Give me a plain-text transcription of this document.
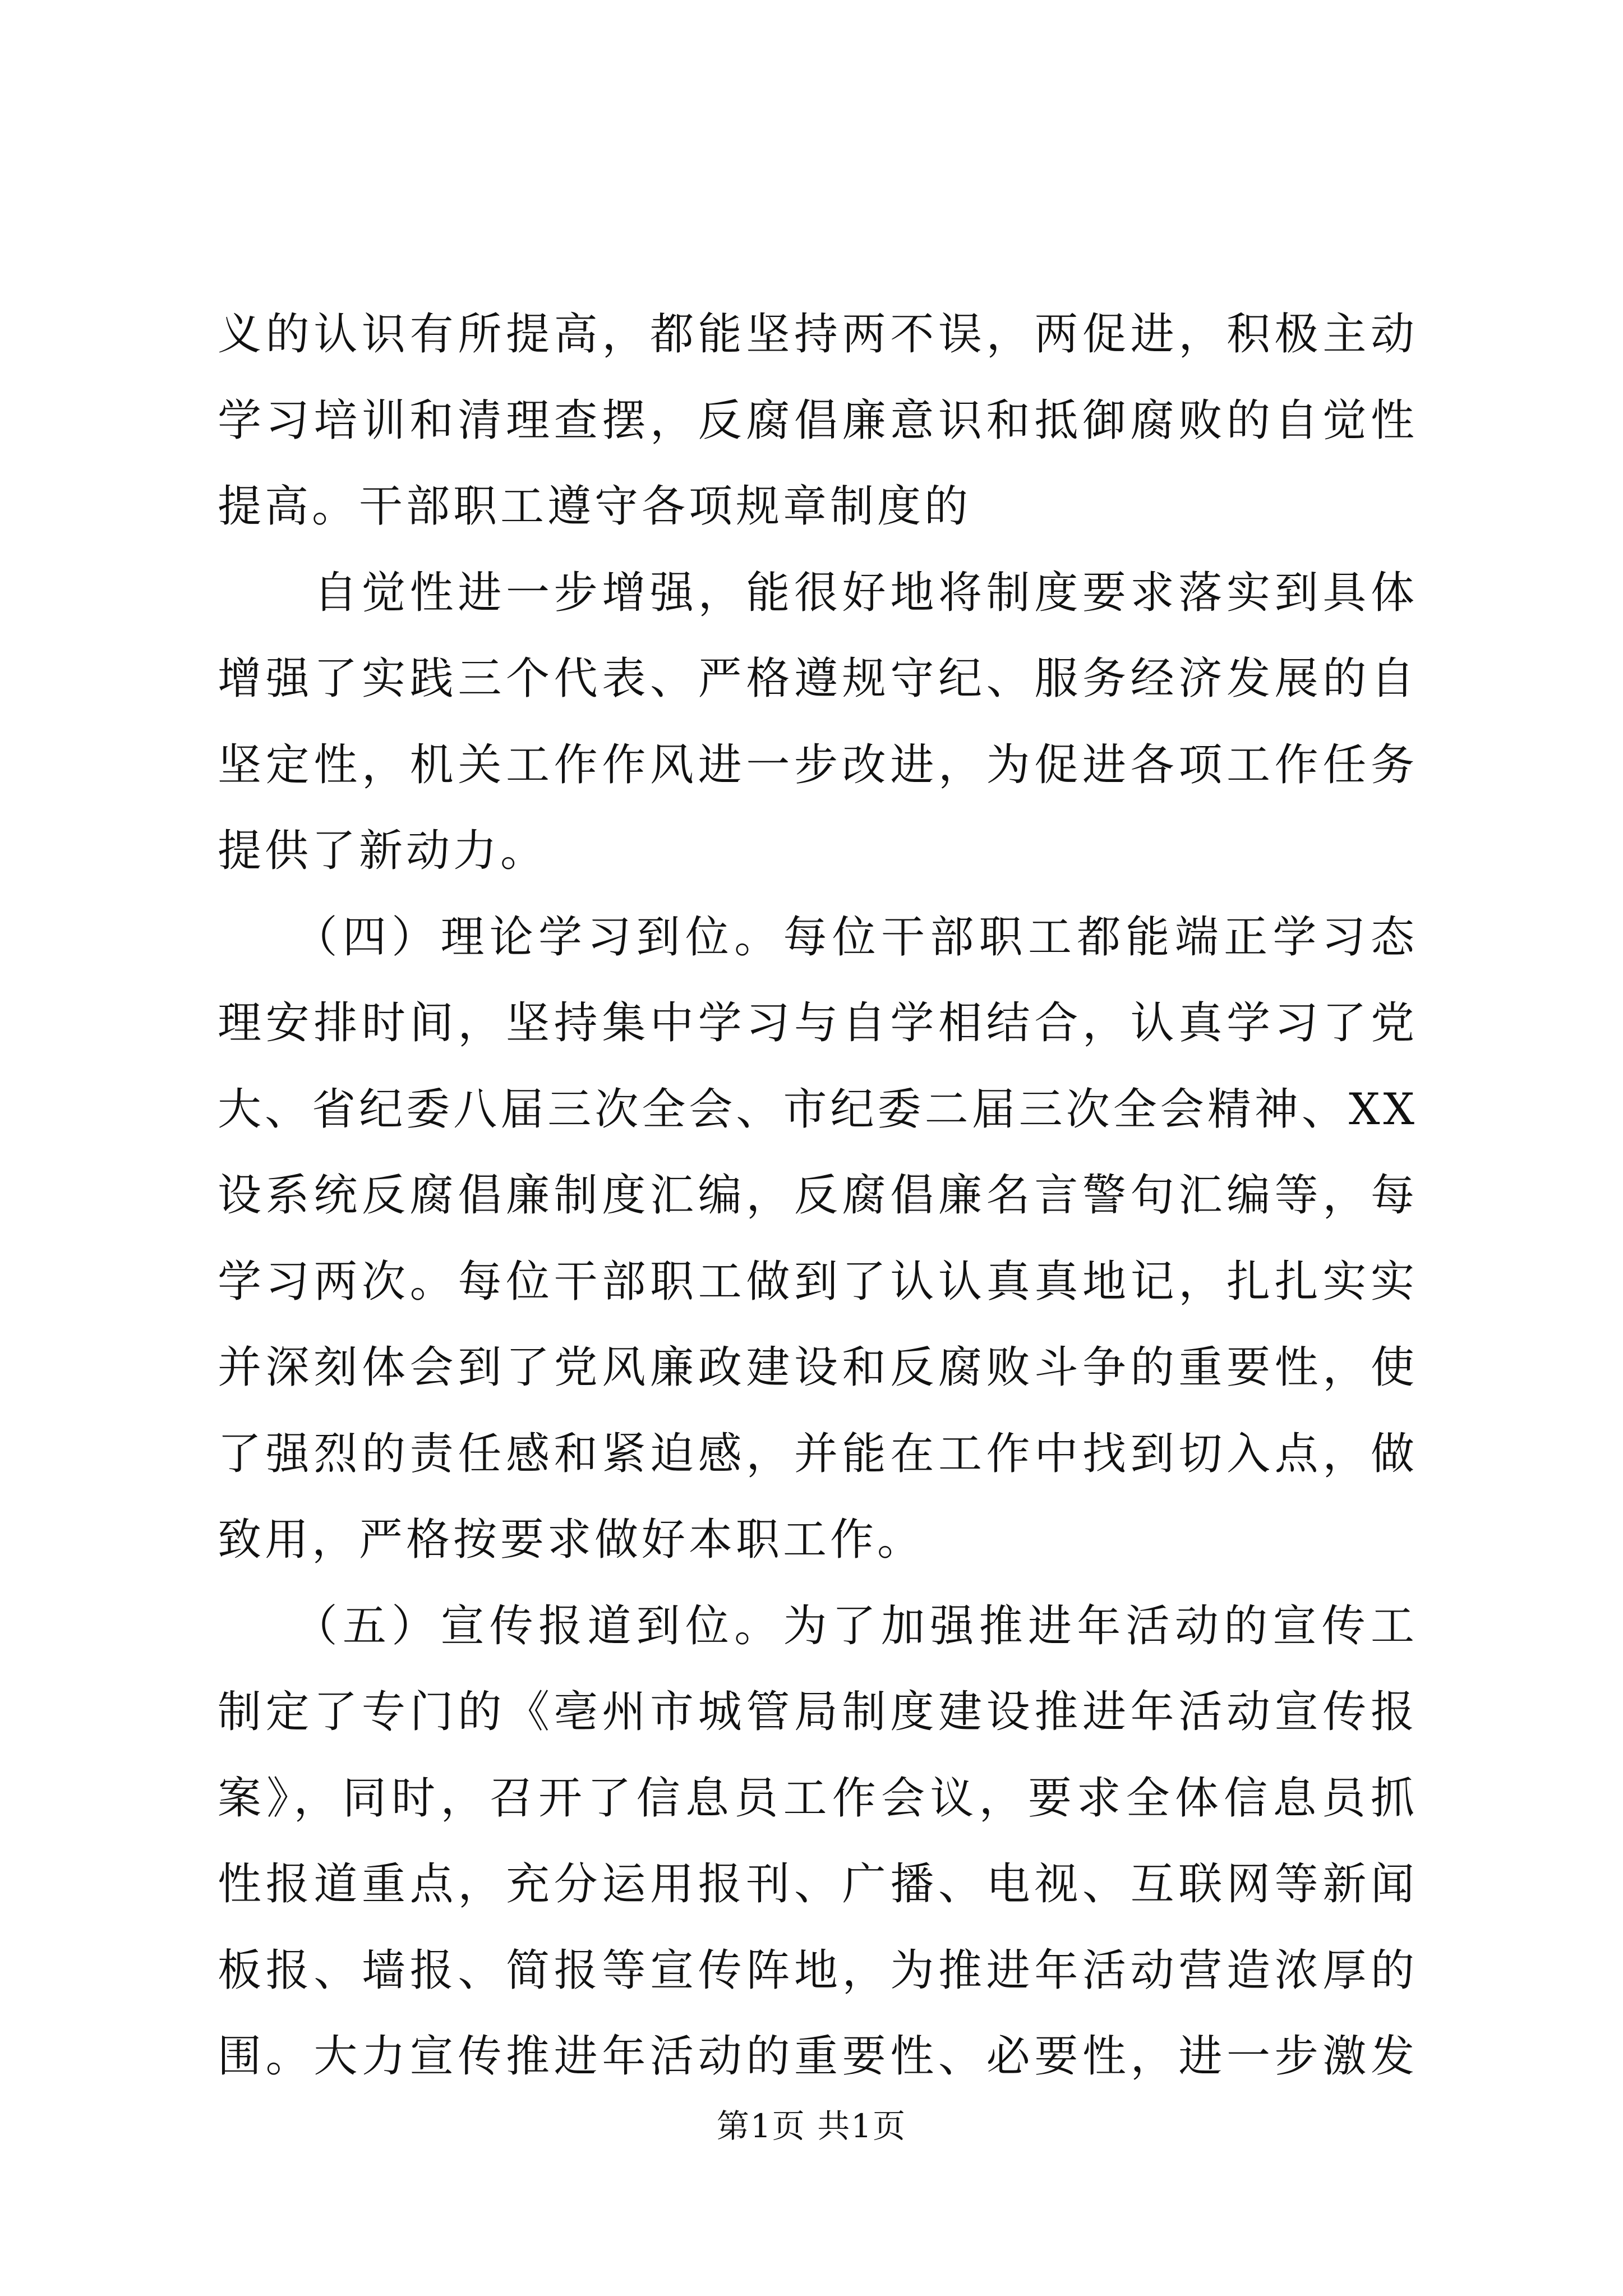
义的认识有所提高，都能坚持两不误，两促进，积极主动
学习培训和清理查摆，反腐倡廉意识和抵御腐败的自觉性
提高。干部职工遵守各项规章制度的
　　自觉性进一步增强，能很好地将制度要求落实到具体
增强了实践三个代表、严格遵规守纪、服务经济发展的自
坚定性，机关工作作风进一步改进，为促进各项工作任务
提供了新动力。
　　（四）理论学习到位。每位干部职工都能端正学习态
理安排时间，坚持集中学习与自学相结合，认真学习了党
大、省纪委八届三次全会、市纪委二届三次全会精神、XX
设系统反腐倡廉制度汇编，反腐倡廉名言警句汇编等，每
学习两次。每位干部职工做到了认认真真地记，扎扎实实
并深刻体会到了党风廉政建设和反腐败斗争的重要性，使
了强烈的责任感和紧迫感，并能在工作中找到切入点，做
致用，严格按要求做好本职工作。
　　（五）宣传报道到位。为了加强推进年活动的宣传工
制定了专门的《亳州市城管局制度建设推进年活动宣传报
案》，同时，召开了信息员工作会议，要求全体信息员抓
性报道重点，充分运用报刊、广播、电视、互联网等新闻
板报、墙报、简报等宣传阵地，为推进年活动营造浓厚的
围。大力宣传推进年活动的重要性、必要性，进一步激发
第1页 共1页
